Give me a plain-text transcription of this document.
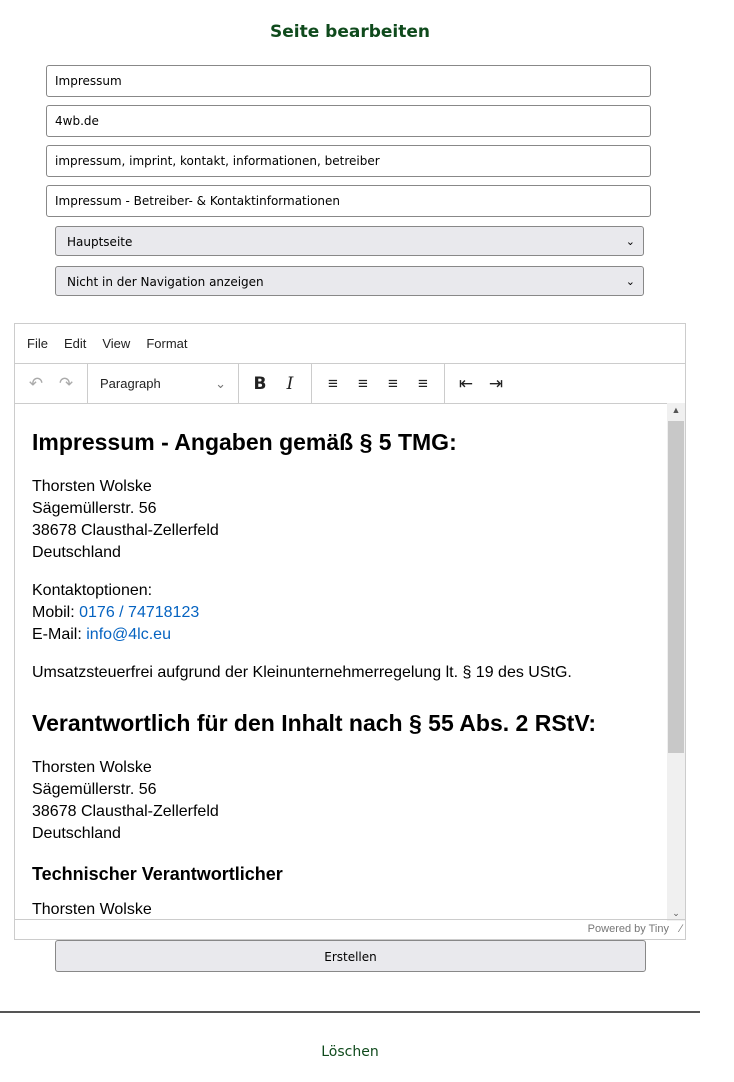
Seite bearbeiten
Impressum
4wb.de
impressum, imprint, kontakt, informationen, betreiber
Impressum - Betreiber- & Kontaktinformationen
Hauptseite	⌄
Nicht in der Navigation anzeigen	⌄
File Edit View Format
↶ ↷	Paragraph	⌄	B	I	≡	≡	≡	≡	⇤ ⇥
Impressum - Angaben gemäß § 5 TMG:

Thorsten Wolske
Sägemüllerstr. 56
38678 Clausthal-Zellerfeld
Deutschland

Kontaktoptionen:
Mobil: 0176 / 74718123
E-Mail: info@4lc.eu

Umsatzsteuerfrei aufgrund der Kleinunternehmerregelung lt. § 19 des UStG.

Verantwortlich für den Inhalt nach § 55 Abs. 2 RStV:

Thorsten Wolske
Sägemüllerstr. 56
38678 Clausthal-Zellerfeld
Deutschland

Technischer Verantwortlicher

Thorsten Wolske

▲
⌄
Powered by Tiny ∕
Erstellen
Löschen
